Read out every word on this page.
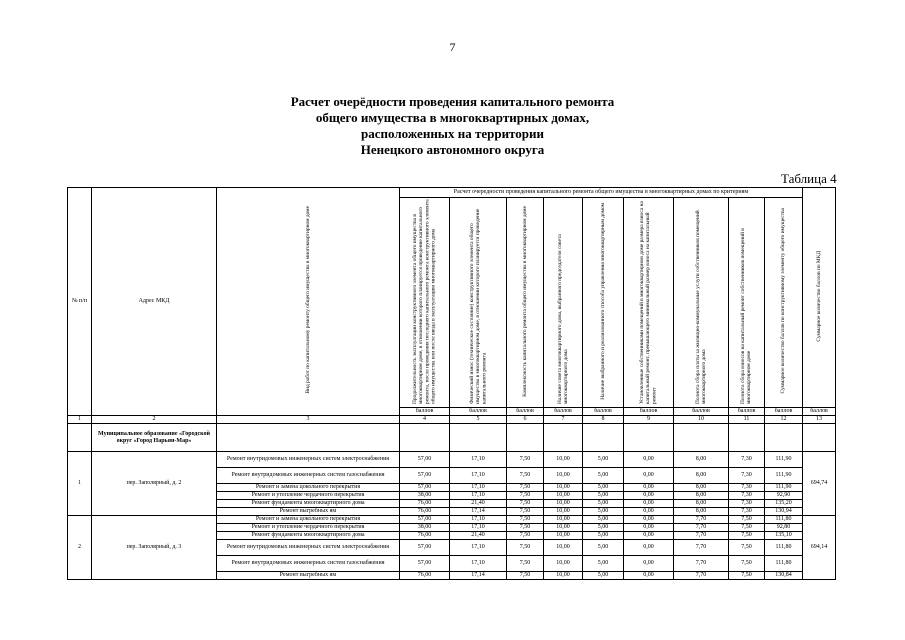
7
Расчет очерёдности проведения капитального ремонта
общего имущества в многоквартирных домах,
расположенных на территории
Ненецкого автономного округа
Таблица 4
№ п/п	Адрес МКД	Вид работ по капитальному ремонту общего имущества в многоквартирном доме	Расчет очередности проведения капитального ремонта общего имущества в многоквартирных домах по критериям									Суммарное количество баллов по МКД
			Продолжительность эксплуатации конструктивного элемента общего имущества в многоквартирном доме, в отношении которого планируется проведение капитального ремонта, после проведения последнего капитального ремонта конструктивного элемента общего имущества или после ввода в эксплуатацию многоквартирного дома	Физический износ (техническое состояние) конструктивного элемента общего имущества в многоквартирном доме, в отношении которого планируется проведение капитального ремонта	Комплексность капитального ремонта общего имущества в многоквартирном доме	Наличие совета многоквартирного дома, выбранного председателя совета многоквартирного дома	Наличие выбранного и реализованного способа управления многоквартирным домом	Установленные собственниками помещений в многоквартирном доме размера взноса на капитальный ремонт, превышающего минимальный размер взноса на капитальный ремонт	Полнота сбора платы за жилищно-коммунальные услуги собственников помещений многоквартирного дома	Полнота сбора взносов на капитальный ремонт собственников помещений в многоквартирном доме	Суммарное количество баллов по конструктивному элементу общего имущества	
			баллов	баллов	баллов	баллов	баллов	баллов	баллов	баллов	баллов	баллов
1	2	3	4	5	6	7	8	9	10	11	12	13
	Муниципальное образование «Городской округ «Город Нарьян-Мар»											
1	пер. Заполярный, д. 2	Ремонт внутридомовых инженерных систем электроснабжения	57,00	17,10	7,50	10,00	5,00	0,00	8,00	7,30	111,90	694,74
		Ремонт внутридомовых инженерных систем газоснабжения	57,00	17,10	7,50	10,00	5,00	0,00	8,00	7,30	111,90	
		Ремонт и замена цокольного перекрытия	57,00	17,10	7,50	10,00	5,00	0,00	8,00	7,30	111,90	
		Ремонт и утепление чердачного перекрытия	38,00	17,10	7,50	10,00	5,00	0,00	8,00	7,30	92,90	
		Ремонт фундамента многоквартирного дома	76,00	21,40	7,50	10,00	5,00	0,00	8,00	7,30	135,20	
		Ремонт выгребных ям	76,00	17,14	7,50	10,00	5,00	0,00	8,00	7,30	130,94	
2	пер. Заполярный, д. 3	Ремонт и замена цокольного перекрытия	57,00	17,10	7,50	10,00	5,00	0,00	7,70	7,50	111,80	694,14
		Ремонт и утепление чердачного перекрытия	38,00	17,10	7,50	10,00	5,00	0,00	7,70	7,50	92,80	
		Ремонт фундамента многоквартирного дома	76,00	21,40	7,50	10,00	5,00	0,00	7,70	7,50	135,10	
		Ремонт внутридомовых инженерных систем электроснабжения	57,00	17,10	7,50	10,00	5,00	0,00	7,70	7,50	111,80	
		Ремонт внутридомовых инженерных систем газоснабжения	57,00	17,10	7,50	10,00	5,00	0,00	7,70	7,50	111,80	
		Ремонт выгребных ям	76,00	17,14	7,50	10,00	5,00	0,00	7,70	7,50	130,84	
